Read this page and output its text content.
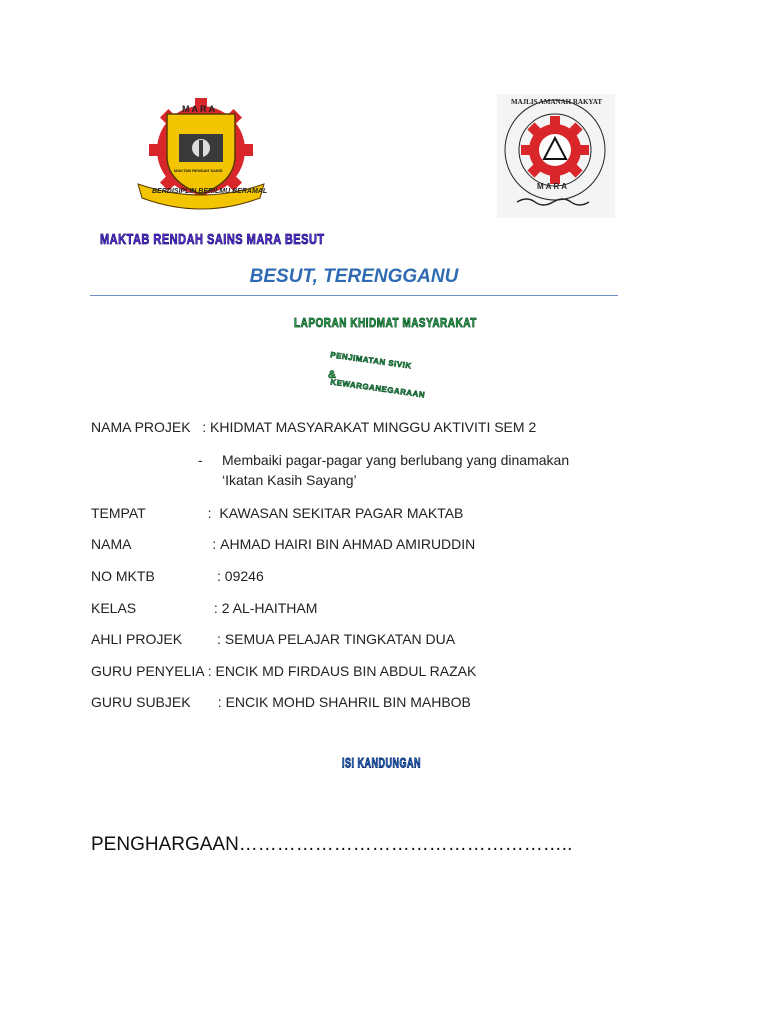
MARA
MAKTAB RENDAH SAINS
BERDISIPLIN BERILMU BERAMAL
MAJLIS AMANAH RAKYAT
MARA
MAKTAB RENDAH SAINS MARA BESUT
BESUT, TERENGGANU
LAPORAN KHIDMAT MASYARAKAT
PENJIMATAN SIVIK
&
KEWARGANEGARAAN
NAMA PROJEK   : KHIDMAT MASYARAKAT MINGGU AKTIVITI SEM 2
- Membaiki pagar-pagar yang berlubang yang dinamakan
‘Ikatan Kasih Sayang’
TEMPAT                :  KAWASAN SEKITAR PAGAR MAKTAB
NAMA                     : AHMAD HAIRI BIN AHMAD AMIRUDDIN
NO MKTB                : 09246
KELAS                    : 2 AL-HAITHAM
AHLI PROJEK         : SEMUA PELAJAR TINGKATAN DUA
GURU PENYELIA : ENCIK MD FIRDAUS BIN ABDUL RAZAK
GURU SUBJEK       : ENCIK MOHD SHAHRIL BIN MAHBOB
ISI KANDUNGAN
PENGHARGAAN……………………………………………..
